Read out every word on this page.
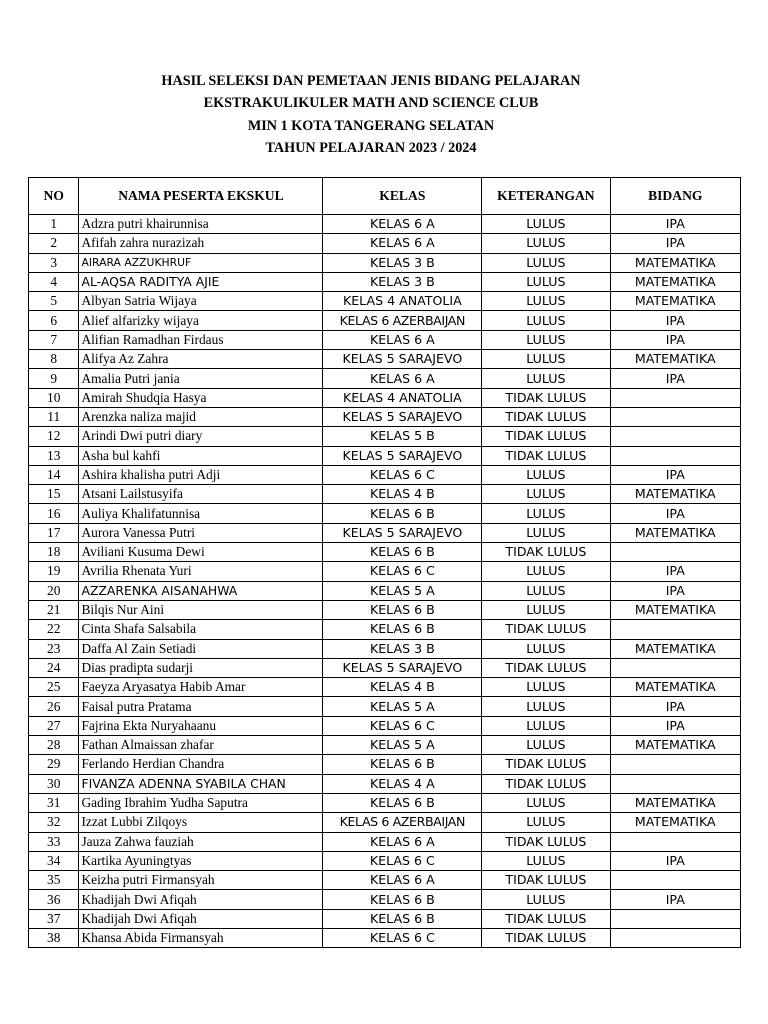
HASIL SELEKSI DAN PEMETAAN JENIS BIDANG PELAJARAN
EKSTRAKULIKULER MATH AND SCIENCE CLUB
MIN 1 KOTA TANGERANG SELATAN
TAHUN PELAJARAN 2023 / 2024
NO	NAMA PESERTA EKSKUL	KELAS	KETERANGAN	BIDANG
1	Adzra putri khairunnisa	KELAS 6 A	LULUS	IPA
2	Afifah zahra nurazizah	KELAS 6 A	LULUS	IPA
3	AIRARA AZZUKHRUF	KELAS 3 B	LULUS	MATEMATIKA
4	AL-AQSA RADITYA AJIE	KELAS 3 B	LULUS	MATEMATIKA
5	Albyan Satria Wijaya	KELAS 4 ANATOLIA	LULUS	MATEMATIKA
6	Alief alfarizky wijaya	KELAS 6 AZERBAIJAN	LULUS	IPA
7	Alifian Ramadhan Firdaus	KELAS 6 A	LULUS	IPA
8	Alifya Az Zahra	KELAS 5 SARAJEVO	LULUS	MATEMATIKA
9	Amalia Putri jania	KELAS 6 A	LULUS	IPA
10	Amirah Shudqia Hasya	KELAS 4 ANATOLIA	TIDAK LULUS	
11	Arenzka naliza majid	KELAS 5 SARAJEVO	TIDAK LULUS	
12	Arindi Dwi putri diary	KELAS 5 B	TIDAK LULUS	
13	Asha bul kahfi	KELAS 5 SARAJEVO	TIDAK LULUS	
14	Ashira khalisha putri Adji	KELAS 6 C	LULUS	IPA
15	Atsani Lailstusyifa	KELAS 4 B	LULUS	MATEMATIKA
16	Auliya Khalifatunnisa	KELAS 6 B	LULUS	IPA
17	Aurora Vanessa Putri	KELAS 5 SARAJEVO	LULUS	MATEMATIKA
18	Aviliani Kusuma Dewi	KELAS 6 B	TIDAK LULUS	
19	Avrilia Rhenata Yuri	KELAS 6 C	LULUS	IPA
20	AZZARENKA AISANAHWA	KELAS 5 A	LULUS	IPA
21	Bilqis Nur Aini	KELAS 6 B	LULUS	MATEMATIKA
22	Cinta Shafa Salsabila	KELAS 6 B	TIDAK LULUS	
23	Daffa Al Zain Setiadi	KELAS 3 B	LULUS	MATEMATIKA
24	Dias pradipta sudarji	KELAS 5 SARAJEVO	TIDAK LULUS	
25	Faeyza Aryasatya Habib Amar	KELAS 4 B	LULUS	MATEMATIKA
26	Faisal putra Pratama	KELAS 5 A	LULUS	IPA
27	Fajrina Ekta Nuryahaanu	KELAS 6 C	LULUS	IPA
28	Fathan Almaissan zhafar	KELAS 5 A	LULUS	MATEMATIKA
29	Ferlando Herdian Chandra	KELAS 6 B	TIDAK LULUS	
30	FIVANZA ADENNA SYABILA CHAN	KELAS 4 A	TIDAK LULUS	
31	Gading Ibrahim Yudha Saputra	KELAS 6 B	LULUS	MATEMATIKA
32	Izzat Lubbi Zilqoys	KELAS 6 AZERBAIJAN	LULUS	MATEMATIKA
33	Jauza Zahwa fauziah	KELAS 6 A	TIDAK LULUS	
34	Kartika Ayuningtyas	KELAS 6 C	LULUS	IPA
35	Keizha putri Firmansyah	KELAS 6 A	TIDAK LULUS	
36	Khadijah Dwi Afiqah	KELAS 6 B	LULUS	IPA
37	Khadijah Dwi Afiqah	KELAS 6 B	TIDAK LULUS	
38	Khansa Abida Firmansyah	KELAS 6 C	TIDAK LULUS	
